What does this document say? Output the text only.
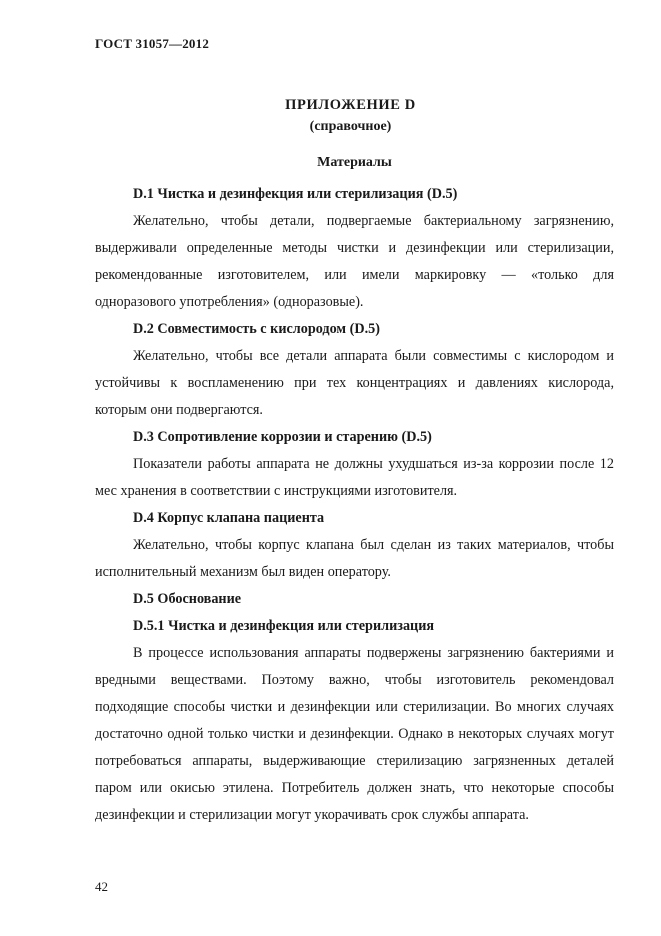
ГОСТ 31057—2012
ПРИЛОЖЕНИЕ D
(справочное)
Материалы

D.1 Чистка и дезинфекция или стерилизация (D.5)

Желательно, чтобы детали, подвергаемые бактериальному загрязнению, выдерживали определенные методы чистки и дезинфекции или стерилизации, рекомендованные изготовителем, или имели маркировку — «только для одноразового употребления» (одноразовые).

D.2 Совместимость с кислородом (D.5)

Желательно, чтобы все детали аппарата были совместимы с кислородом и устойчивы к воспламенению при тех концентрациях и давлениях кислорода, которым они подвергаются.

D.3 Сопротивление коррозии и старению (D.5)

Показатели работы аппарата не должны ухудшаться из-за коррозии после 12 мес хранения в соответствии с инструкциями изготовителя.

D.4 Корпус клапана пациента

Желательно, чтобы корпус клапана был сделан из таких материалов, чтобы исполнительный механизм был виден оператору.

D.5 Обоснование

D.5.1 Чистка и дезинфекция или стерилизация

В процессе использования аппараты подвержены загрязнению бактериями и вредными веществами. Поэтому важно, чтобы изготовитель рекомендовал подходящие способы чистки и дезинфекции или стерилизации. Во многих случаях достаточно одной только чистки и дезинфекции. Однако в некоторых случаях могут потребоваться аппараты, выдерживающие стерилизацию загрязненных деталей паром или окисью этилена. Потребитель должен знать, что некоторые способы дезинфекции и стерилизации могут укорачивать срок службы аппарата.

42
